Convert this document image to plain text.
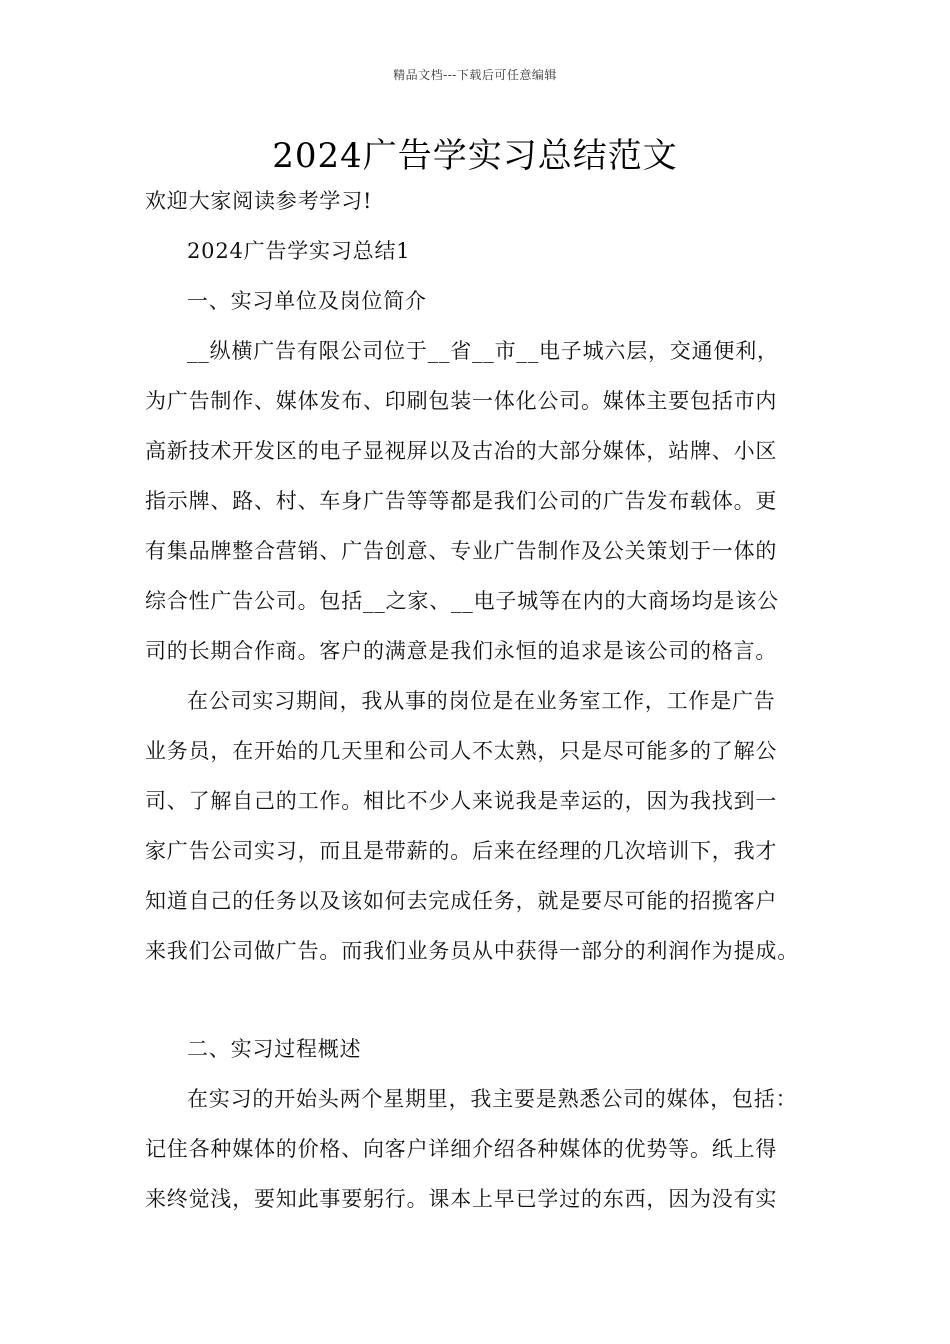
精品文档---下载后可任意编辑
2024广告学实习总结范文
欢迎大家阅读参考学习!
2024广告学实习总结1
一、实习单位及岗位简介
__纵横广告有限公司位于__省__市__电子城六层，交通便利，
为广告制作、媒体发布、印刷包装一体化公司。媒体主要包括市内
高新技术开发区的电子显视屏以及古冶的大部分媒体，站牌、小区
指示牌、路、村、车身广告等等都是我们公司的广告发布载体。更
有集品牌整合营销、广告创意、专业广告制作及公关策划于一体的
综合性广告公司。包括__之家、__电子城等在内的大商场均是该公
司的长期合作商。客户的满意是我们永恒的追求是该公司的格言。
在公司实习期间，我从事的岗位是在业务室工作，工作是广告
业务员，在开始的几天里和公司人不太熟，只是尽可能多的了解公
司、了解自己的工作。相比不少人来说我是幸运的，因为我找到一
家广告公司实习，而且是带薪的。后来在经理的几次培训下，我才
知道自己的任务以及该如何去完成任务，就是要尽可能的招揽客户
来我们公司做广告。而我们业务员从中获得一部分的利润作为提成。
二、实习过程概述
在实习的开始头两个星期里，我主要是熟悉公司的媒体，包括：
记住各种媒体的价格、向客户详细介绍各种媒体的优势等。纸上得
来终觉浅，要知此事要躬行。课本上早已学过的东西，因为没有实
